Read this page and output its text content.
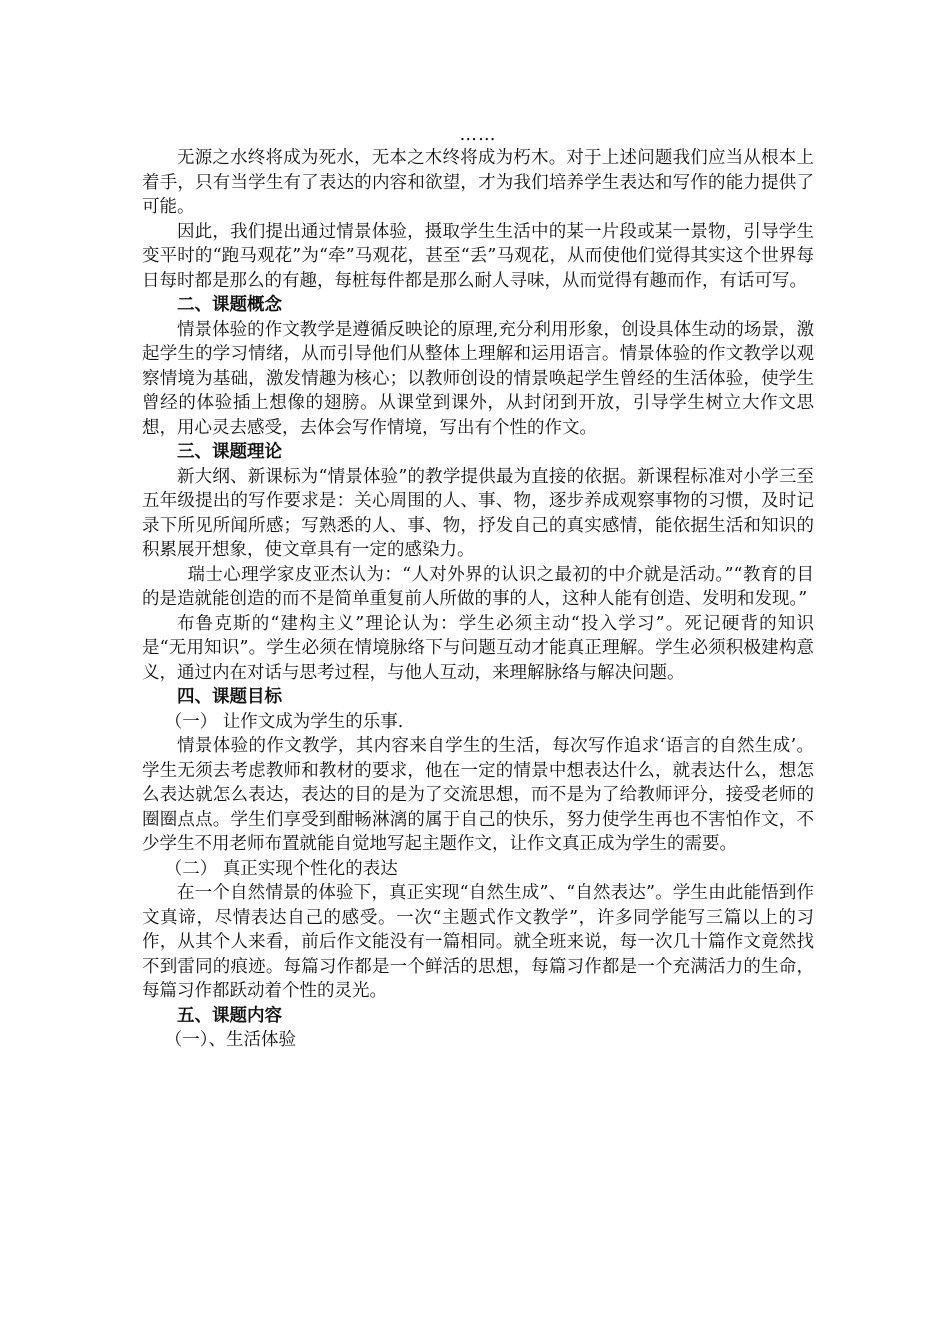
……

无源之水终将成为死水，无本之木终将成为朽木。对于上述问题我们应当从根本上着手，只有当学生有了表达的内容和欲望，才为我们培养学生表达和写作的能力提供了可能。

因此，我们提出通过情景体验，摄取学生生活中的某一片段或某一景物，引导学生变平时的“跑马观花”为“牵”马观花，甚至“丢”马观花，从而使他们觉得其实这个世界每日每时都是那么的有趣，每桩每件都是那么耐人寻味，从而觉得有趣而作，有话可写。

二、课题概念

情景体验的作文教学是遵循反映论的原理,充分利用形象，创设具体生动的场景，激起学生的学习情绪，从而引导他们从整体上理解和运用语言。情景体验的作文教学以观察情境为基础，激发情趣为核心；以教师创设的情景唤起学生曾经的生活体验，使学生曾经的体验插上想像的翅膀。从课堂到课外，从封闭到开放，引导学生树立大作文思想，用心灵去感受，去体会写作情境，写出有个性的作文。

三、课题理论

新大纲、新课标为“情景体验”的教学提供最为直接的依据。新课程标准对小学三至五年级提出的写作要求是：关心周围的人、事、物，逐步养成观察事物的习惯，及时记录下所见所闻所感；写熟悉的人、事、物，抒发自己的真实感情，能依据生活和知识的积累展开想象，使文章具有一定的感染力。

瑞士心理学家皮亚杰认为：“人对外界的认识之最初的中介就是活动。”“教育的目的是造就能创造的而不是简单重复前人所做的事的人，这种人能有创造、发明和发现。”

布鲁克斯的“建构主义”理论认为：学生必须主动“投入学习”。死记硬背的知识是“无用知识”。学生必须在情境脉络下与问题互动才能真正理解。学生必须积极建构意义，通过内在对话与思考过程，与他人互动，来理解脉络与解决问题。

四、课题目标

（一） 让作文成为学生的乐事.

情景体验的作文教学，其内容来自学生的生活，每次写作追求‘语言的自然生成’。学生无须去考虑教师和教材的要求，他在一定的情景中想表达什么，就表达什么，想怎么表达就怎么表达，表达的目的是为了交流思想，而不是为了给教师评分，接受老师的圈圈点点。学生们享受到酣畅淋漓的属于自己的快乐，努力使学生再也不害怕作文，不少学生不用老师布置就能自觉地写起主题作文，让作文真正成为学生的需要。

（二） 真正实现个性化的表达

在一个自然情景的体验下，真正实现“自然生成”、“自然表达”。学生由此能悟到作文真谛，尽情表达自己的感受。一次“主题式作文教学”，许多同学能写三篇以上的习作，从其个人来看，前后作文能没有一篇相同。就全班来说，每一次几十篇作文竟然找不到雷同的痕迹。每篇习作都是一个鲜活的思想，每篇习作都是一个充满活力的生命，每篇习作都跃动着个性的灵光。

五、课题内容

（一）、生活体验
